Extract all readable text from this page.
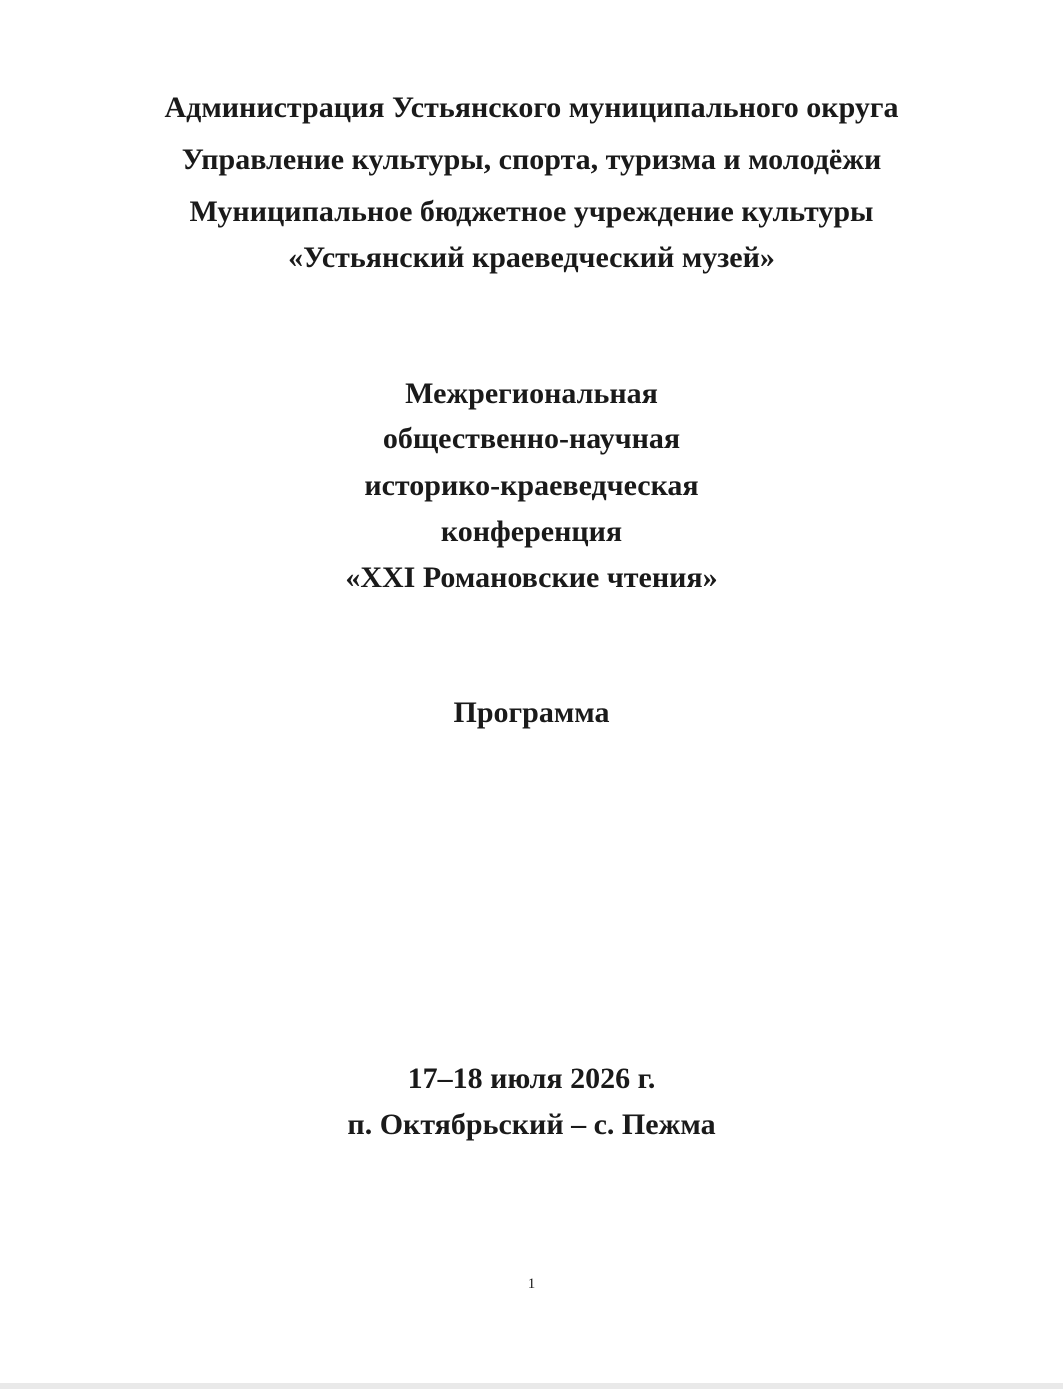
Администрация Устьянского муниципального округа
Управление культуры, спорта, туризма и молодёжи
Муниципальное бюджетное учреждение культуры
«Устьянский краеведческий музей»
Межрегиональная
общественно-научная
историко-краеведческая
конференция
«XXI Романовские чтения»
Программа
17–18 июля 2026 г.
п. Октябрьский – с. Пежма
1
